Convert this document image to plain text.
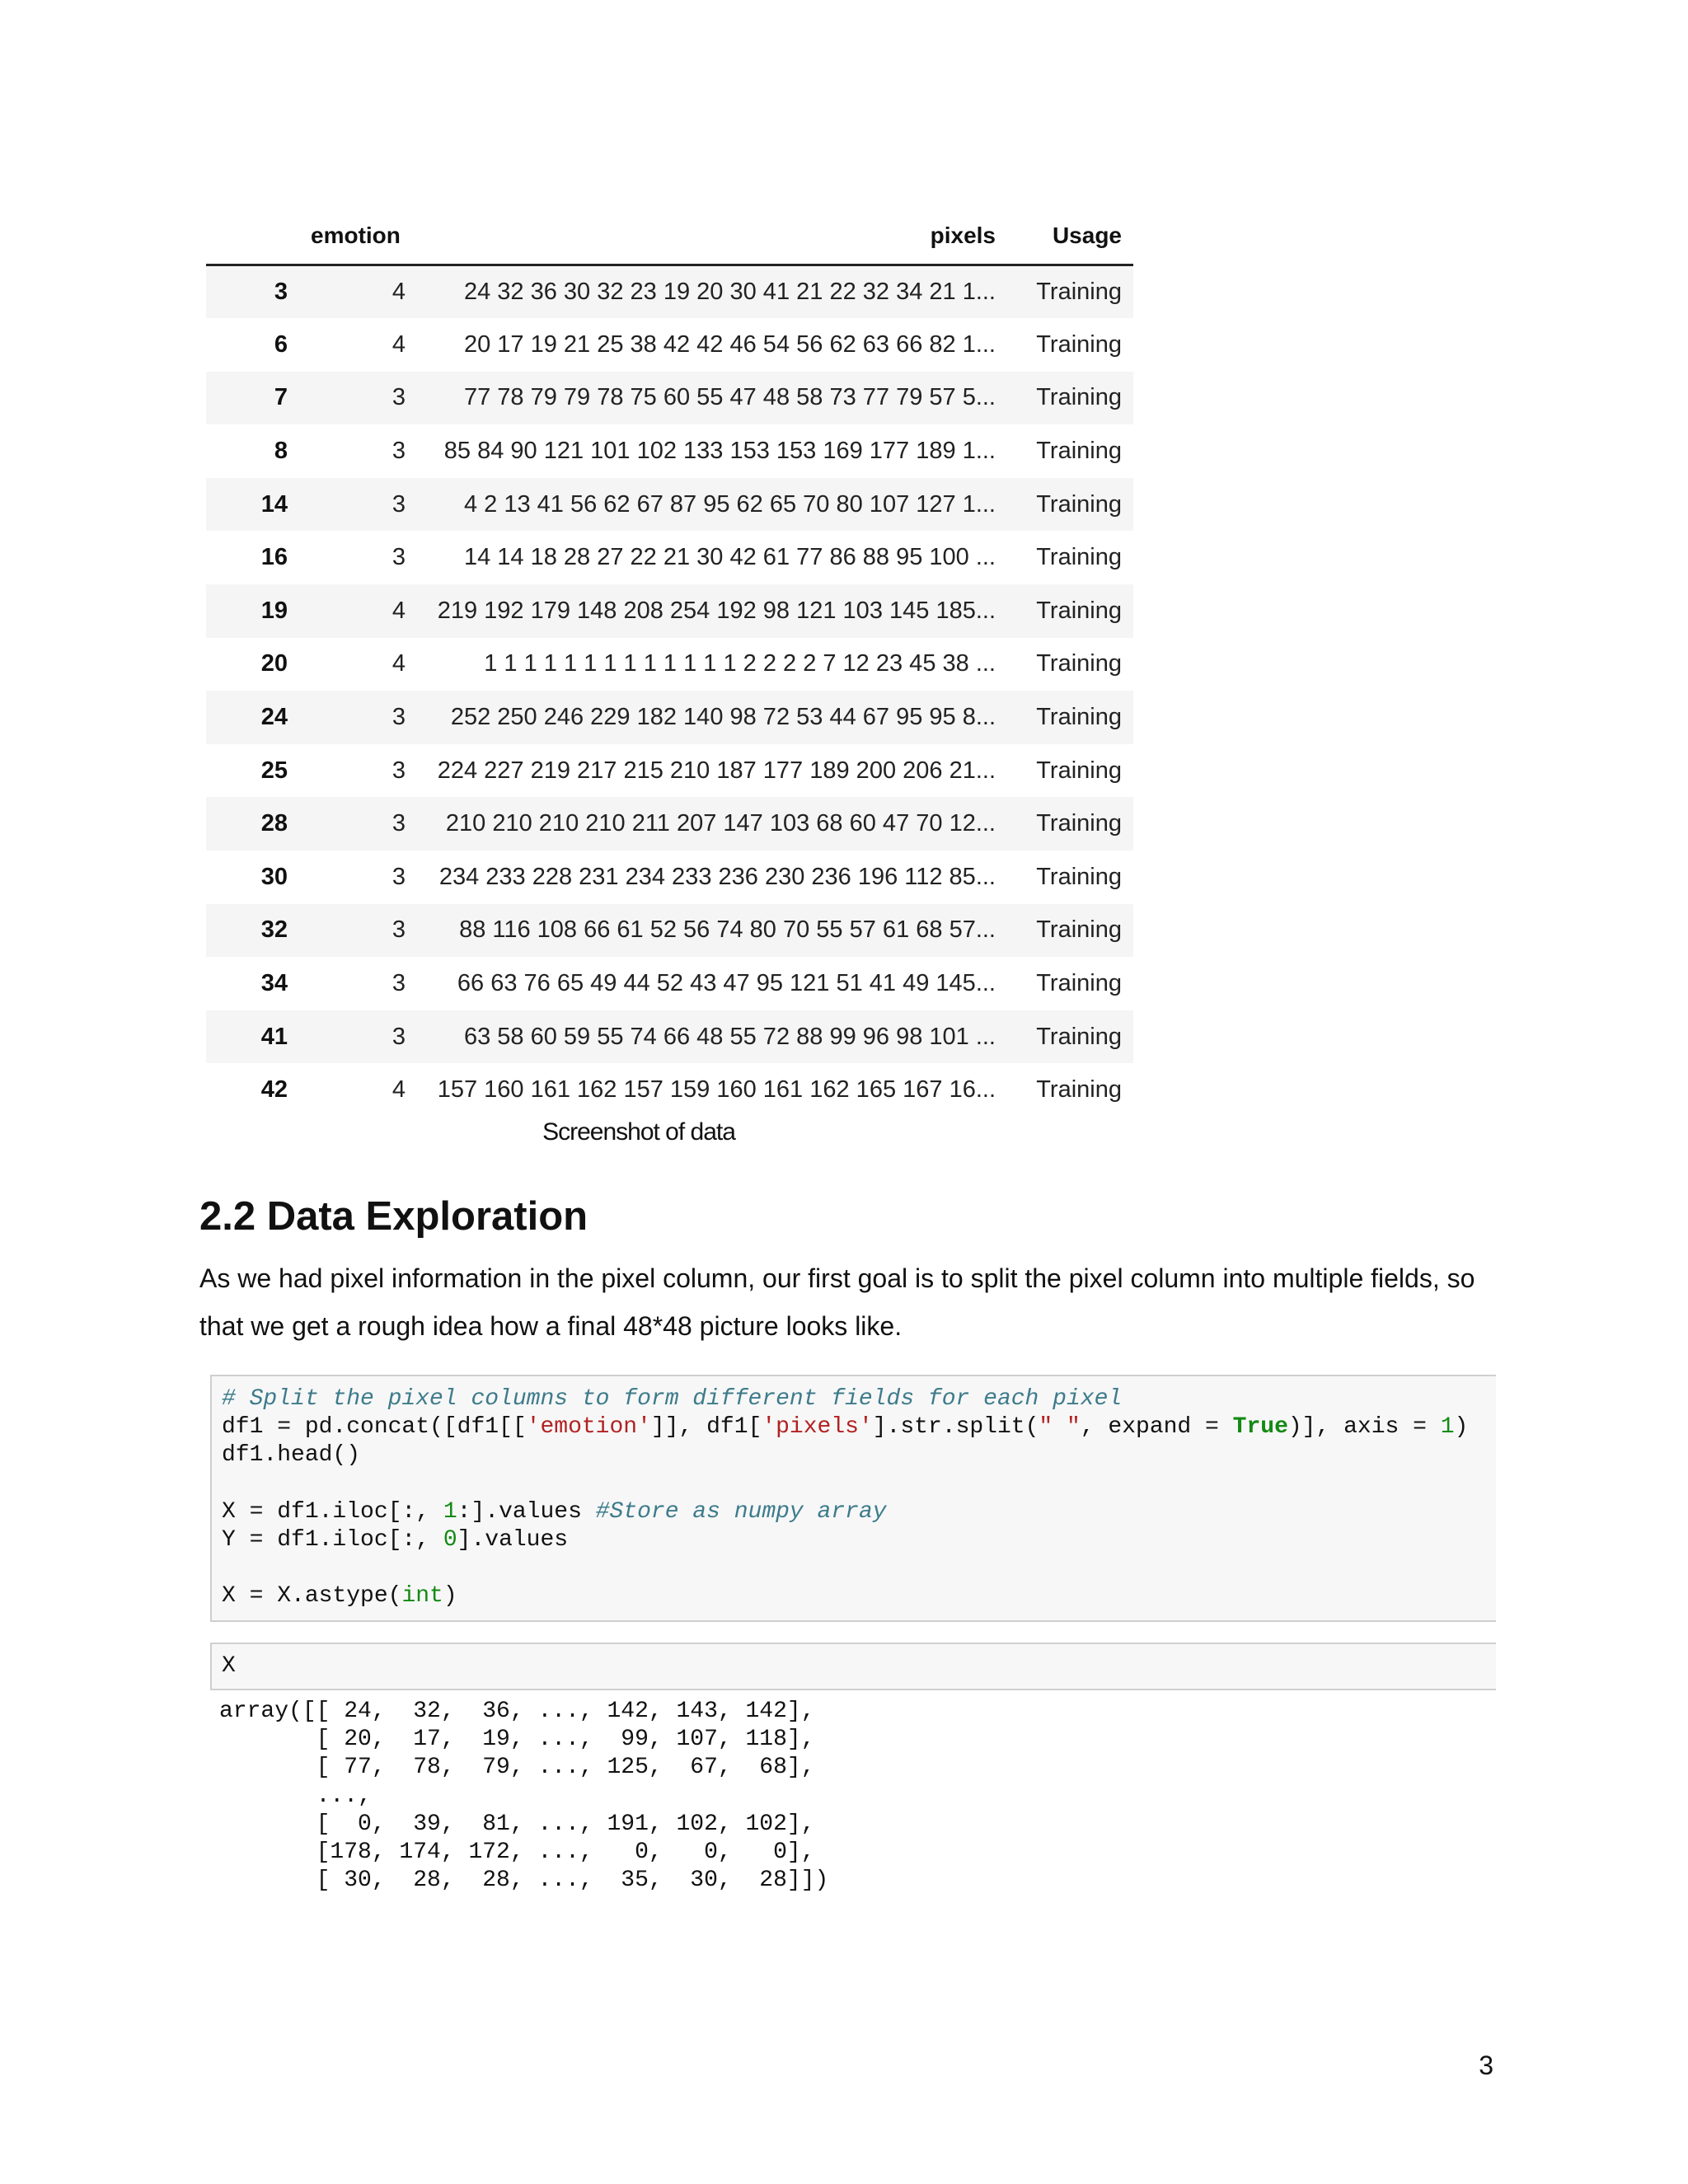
	emotion	pixels	Usage
3	4	24 32 36 30 32 23 19 20 30 41 21 22 32 34 21 1...	Training
6	4	20 17 19 21 25 38 42 42 46 54 56 62 63 66 82 1...	Training
7	3	77 78 79 79 78 75 60 55 47 48 58 73 77 79 57 5...	Training
8	3	85 84 90 121 101 102 133 153 153 169 177 189 1...	Training
14	3	4 2 13 41 56 62 67 87 95 62 65 70 80 107 127 1...	Training
16	3	14 14 18 28 27 22 21 30 42 61 77 86 88 95 100 ...	Training
19	4	219 192 179 148 208 254 192 98 121 103 145 185...	Training
20	4	1 1 1 1 1 1 1 1 1 1 1 1 1 2 2 2 2 7 12 23 45 38 ...	Training
24	3	252 250 246 229 182 140 98 72 53 44 67 95 95 8...	Training
25	3	224 227 219 217 215 210 187 177 189 200 206 21...	Training
28	3	210 210 210 210 211 207 147 103 68 60 47 70 12...	Training
30	3	234 233 228 231 234 233 236 230 236 196 112 85...	Training
32	3	88 116 108 66 61 52 56 74 80 70 55 57 61 68 57...	Training
34	3	66 63 76 65 49 44 52 43 47 95 121 51 41 49 145...	Training
41	3	63 58 60 59 55 74 66 48 55 72 88 99 96 98 101 ...	Training
42	4	157 160 161 162 157 159 160 161 162 165 167 16...	Training
Screenshot of data
2.2 Data Exploration

As we had pixel information in the pixel column, our first goal is to split the pixel column into multiple fields, so that we get a rough idea how a final 48*48 picture looks like.

# Split the pixel columns to form different fields for each pixel
df1 = pd.concat([df1[['emotion']], df1['pixels'].str.split(" ", expand = True)], axis = 1)
df1.head()

X = df1.iloc[:, 1:].values #Store as numpy array
Y = df1.iloc[:, 0].values

X = X.astype(int)
X
array([[ 24,  32,  36, ..., 142, 143, 142],
[ 20,  17,  19, ...,  99, 107, 118],
[ 77,  78,  79, ..., 125,  67,  68],
...,
[  0,  39,  81, ..., 191, 102, 102],
[178, 174, 172, ...,   0,   0,   0],
[ 30,  28,  28, ...,  35,  30,  28]])
3
